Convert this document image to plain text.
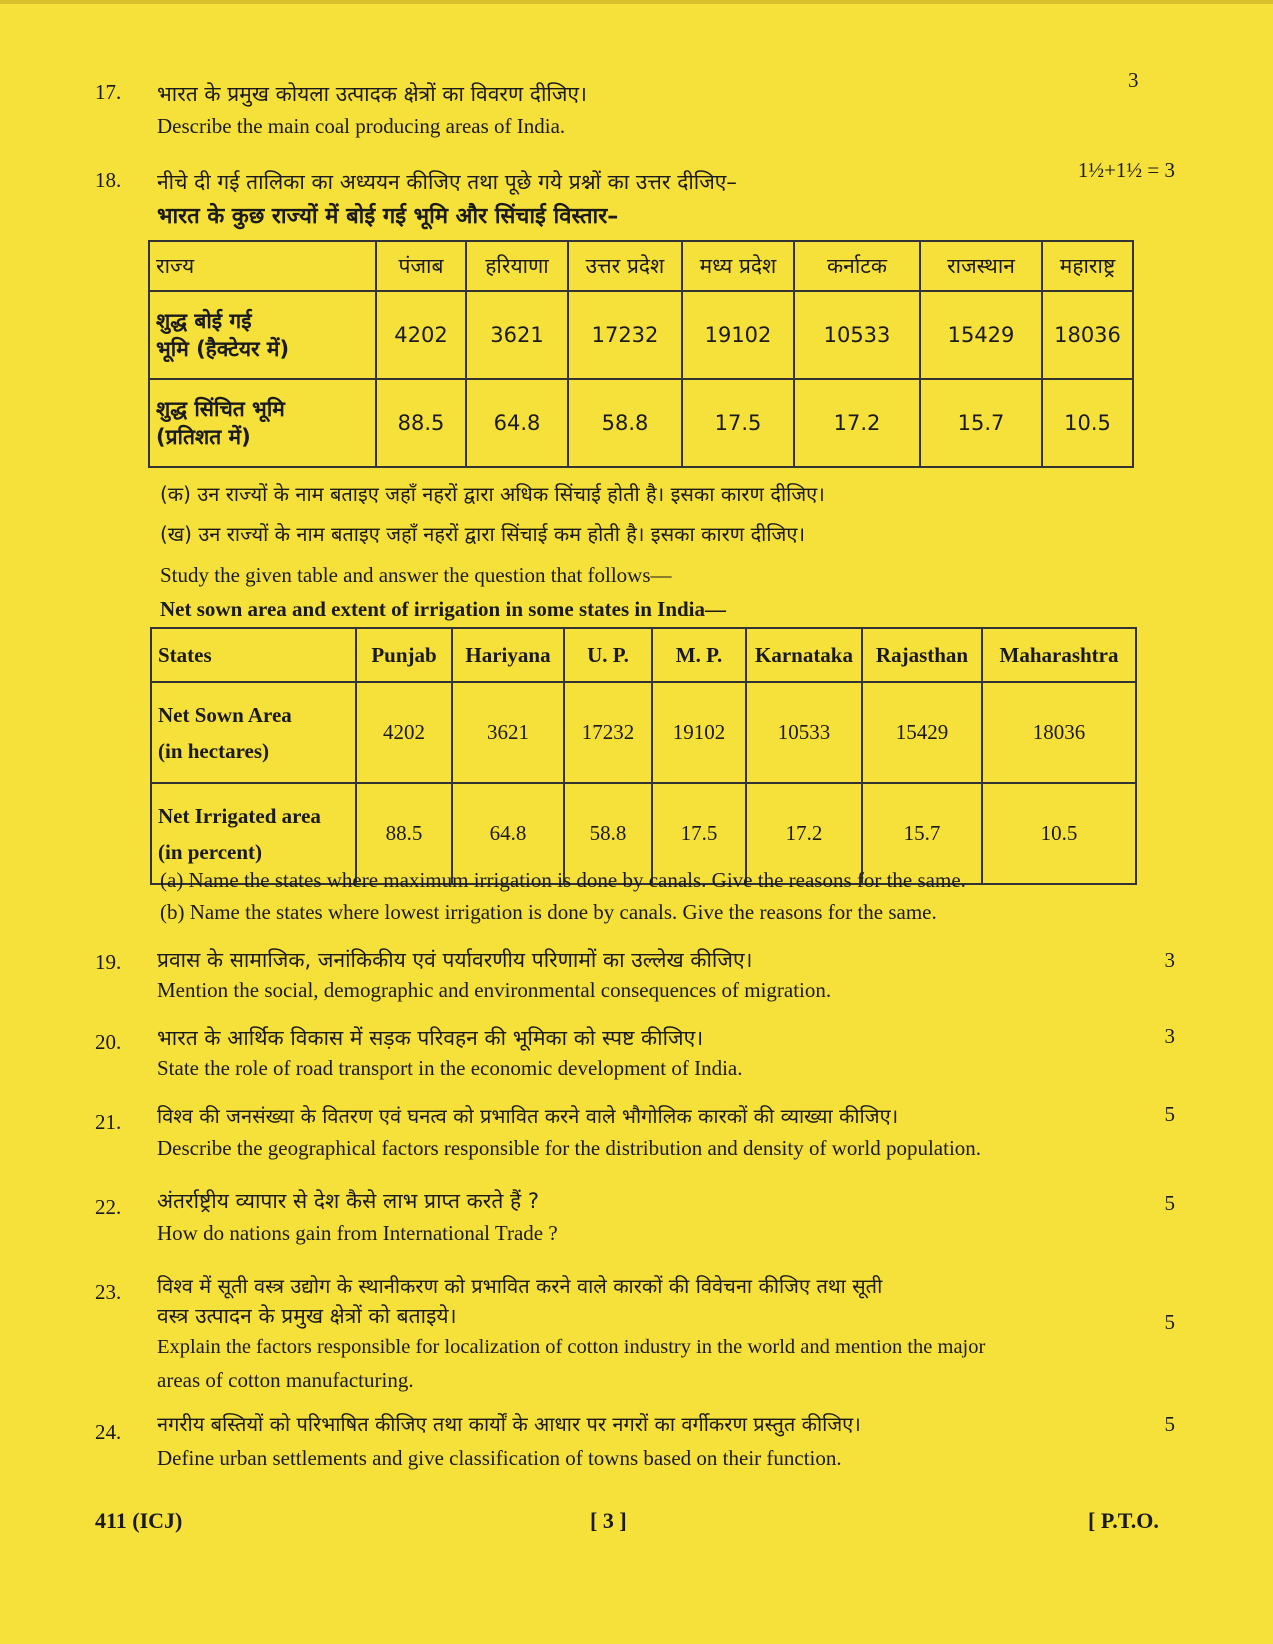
3
17. भारत के प्रमुख कोयला उत्पादक क्षेत्रों का विवरण दीजिए।
Describe the main coal producing areas of India.
18. नीचे दी गई तालिका का अध्ययन कीजिए तथा पूछे गये प्रश्नों का उत्तर दीजिए–	1½+1½ = 3
भारत के कुछ राज्यों में बोई गई भूमि और सिंचाई विस्तार–
राज्य	पंजाब	हरियाणा	उत्तर प्रदेश	मध्य प्रदेश	कर्नाटक	राजस्थान	महाराष्ट्र

शुद्ध बोई गई
भूमि (हैक्टेयर में)	4202	3621	17232	19102	10533	15429	18036

शुद्ध सिंचित भूमि
(प्रतिशत में)	88.5	64.8	58.8	17.5	17.2	15.7	10.5
(क) उन राज्यों के नाम बताइए जहाँ नहरों द्वारा अधिक सिंचाई होती है। इसका कारण दीजिए।
(ख) उन राज्यों के नाम बताइए जहाँ नहरों द्वारा सिंचाई कम होती है। इसका कारण दीजिए।
Study the given table and answer the question that follows—
Net sown area and extent of irrigation in some states in India—
States	Punjab	Hariyana	U. P.	M. P.	Karnataka	Rajasthan	Maharashtra

Net Sown Area
(in hectares)	4202	3621	17232	19102	10533	15429	18036

Net Irrigated area
(in percent)	88.5	64.8	58.8	17.5	17.2	15.7	10.5
(a) Name the states where maximum irrigation is done by canals. Give the reasons for the same.
(b) Name the states where lowest irrigation is done by canals. Give the reasons for the same.
19. प्रवास के सामाजिक, जनांकिकीय एवं पर्यावरणीय परिणामों का उल्लेख कीजिए।	3
Mention the social, demographic and environmental consequences of migration.
20. भारत के आर्थिक विकास में सड़क परिवहन की भूमिका को स्पष्ट कीजिए।	3
State the role of road transport in the economic development of India.
21. विश्व की जनसंख्या के वितरण एवं घनत्व को प्रभावित करने वाले भौगोलिक कारकों की व्याख्या कीजिए।	5
Describe the geographical factors responsible for the distribution and density of world population.
22. अंतर्राष्ट्रीय व्यापार से देश कैसे लाभ प्राप्त करते हैं ?	5
How do nations gain from International Trade ?
23. विश्व में सूती वस्त्र उद्योग के स्थानीकरण को प्रभावित करने वाले कारकों की विवेचना कीजिए तथा सूती
वस्त्र उत्पादन के प्रमुख क्षेत्रों को बताइये।	5
Explain the factors responsible for localization of cotton industry in the world and mention the major
areas of cotton manufacturing.
24. नगरीय बस्तियों को परिभाषित कीजिए तथा कार्यों के आधार पर नगरों का वर्गीकरण प्रस्तुत कीजिए।	5
Define urban settlements and give classification of towns based on their function.
411 (ICJ)	[ 3 ]	[ P.T.O.
